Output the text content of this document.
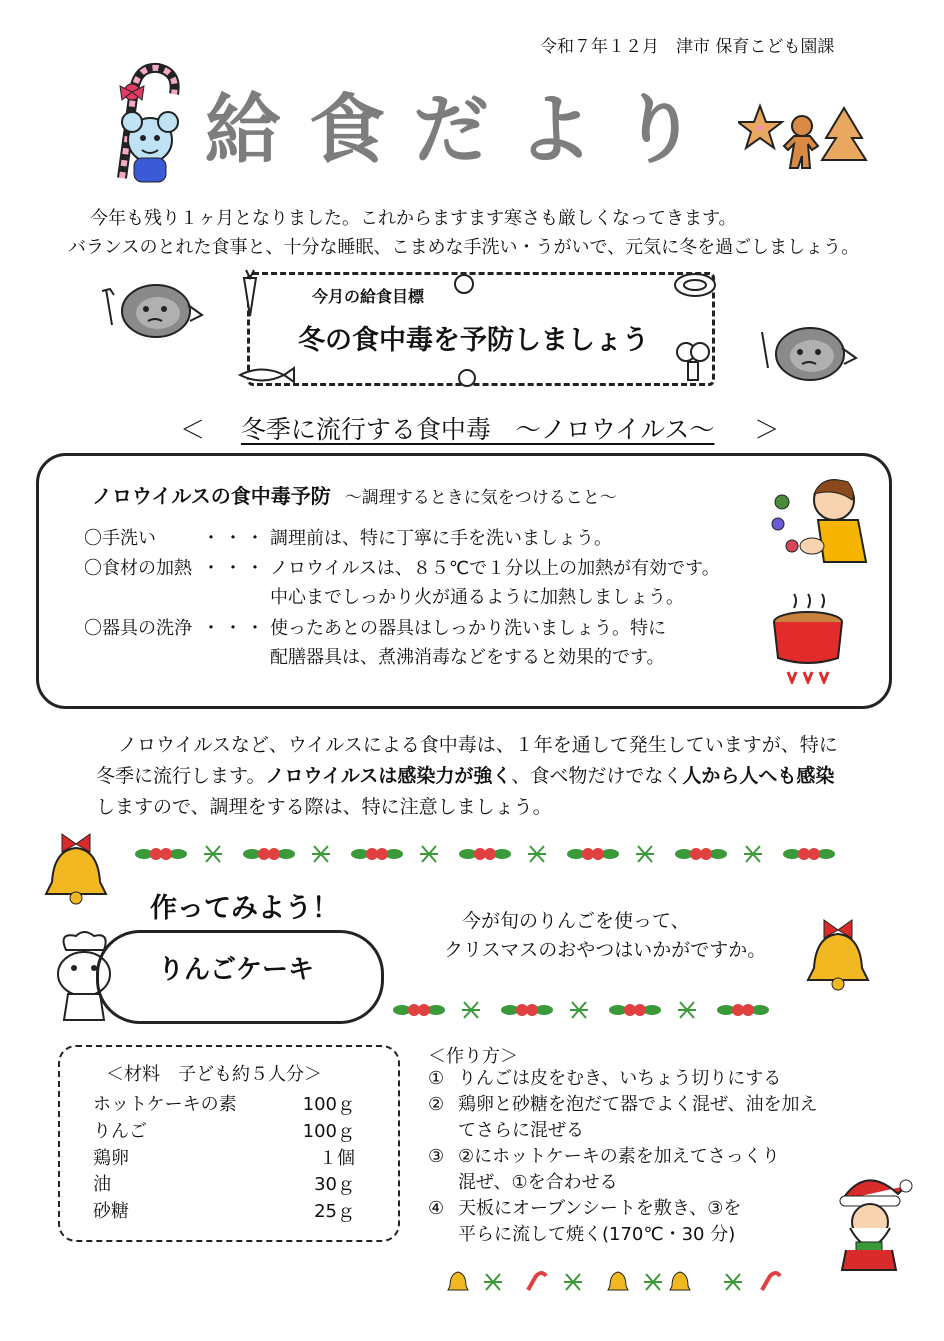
令和７年１２月　津市 保育こども園課
給食だより
今年も残り１ヶ月となりました。これからますます寒さも厳しくなってきます。
バランスのとれた食事と、十分な睡眠、こまめな手洗い・うがいで、元気に冬を過ごしましょう。
今月の給食目標
冬の食中毒を予防しましょう
＜ 冬季に流行する食中毒　～ノロウイルス～ ＞
ノロウイルスの食中毒予防 ～調理するときに気をつけること～
〇手洗い	・・・ 調理前は、特に丁寧に手を洗いましょう。
〇食材の加熱 ・・・ ノロウイルスは、８５℃で１分以上の加熱が有効です。
中心までしっかり火が通るように加熱しましょう。
〇器具の洗浄 ・・・ 使ったあとの器具はしっかり洗いましょう。特に
配膳器具は、煮沸消毒などをすると効果的です。
ノロウイルスなど、ウイルスによる食中毒は、１年を通して発生していますが、特に
冬季に流行します。ノロウイルスは感染力が強く、食べ物だけでなく人から人へも感染
しますので、調理をする際は、特に注意しましょう。
作ってみよう！
りんごケーキ
今が旬のりんごを使って、
クリスマスのおやつはいかがですか。
＜材料　子ども約５人分＞
ホットケーキの素	100ｇ
りんご	100ｇ
鶏卵	１個
油	30ｇ
砂糖	25ｇ
＜作り方＞
① りんごは皮をむき、いちょう切りにする
② 鶏卵と砂糖を泡だて器でよく混ぜ、油を加え
てさらに混ぜる
③ ②にホットケーキの素を加えてさっくり
混ぜ、①を合わせる
④ 天板にオーブンシートを敷き、③を
平らに流して焼く(170℃・30 分)
